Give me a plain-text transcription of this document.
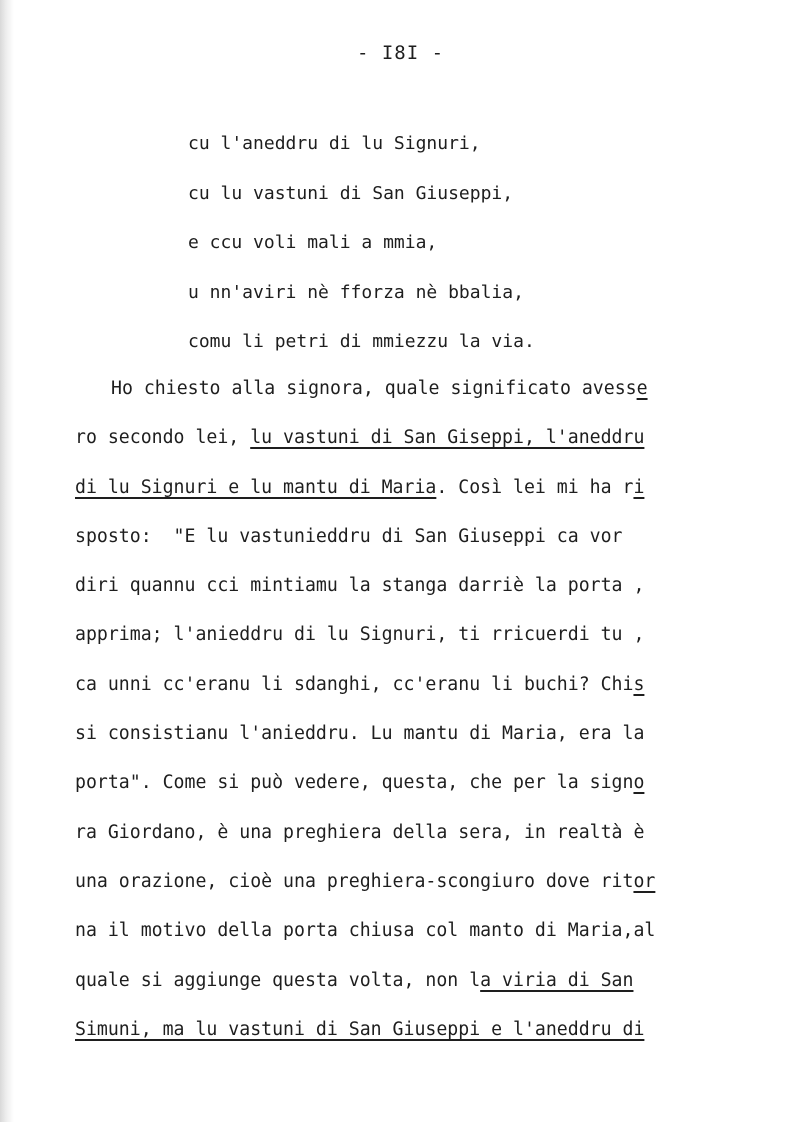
- I8I -
cu l'aneddru di lu Signuri,
cu lu vastuni di San Giuseppi,
e ccu voli mali a mmia,
u nn'aviri nè fforza nè bbalia,
comu li petri di mmiezzu la via.
Ho chiesto alla signora, quale significato avesse
ro secondo lei, lu vastuni di San Giseppi, l'aneddru
di lu Signuri e lu mantu di Maria. Così lei mi ha ri
sposto:  "E lu vastunieddru di San Giuseppi ca vor
diri quannu cci mintiamu la stanga darriè la porta ,
apprima; l'anieddru di lu Signuri, ti rricuerdi tu ,
ca unni cc'eranu li sdanghi, cc'eranu li buchi? Chis
si consistianu l'anieddru. Lu mantu di Maria, era la
porta". Come si può vedere, questa, che per la signo
ra Giordano, è una preghiera della sera, in realtà è
una orazione, cioè una preghiera-scongiuro dove ritor
na il motivo della porta chiusa col manto di Maria,al
quale si aggiunge questa volta, non la viria di San
Simuni, ma lu vastuni di San Giuseppi e l'aneddru di
